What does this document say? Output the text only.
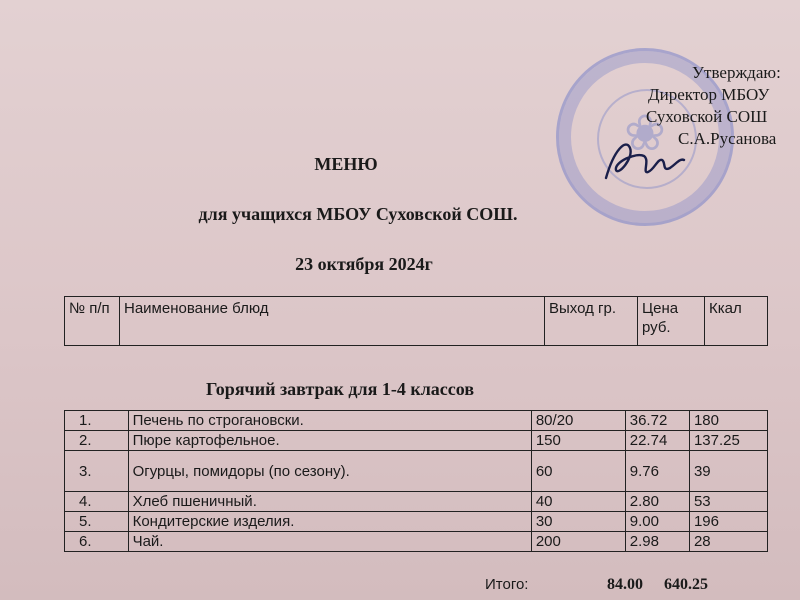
❀
Утверждаю:
Директор МБОУ
Суховской СОШ
С.А.Русанова
МЕНЮ
для учащихся МБОУ Суховской СОШ.
23 октября 2024г
№ п/п	Наименование блюд	Выход гр.	Цена руб.	Ккал
Горячий завтрак для 1-4 классов
1.	Печень по строгановски.	80/20	36.72	180
2.	Пюре картофельное.	150	22.74	137.25
3.	Огурцы, помидоры (по сезону).	60	9.76	39
4.	Хлеб пшеничный.	40	2.80	53
5.	Кондитерские изделия.	30	9.00	196
6.	Чай.	200	2.98	28
Итого:	84.00 640.25
